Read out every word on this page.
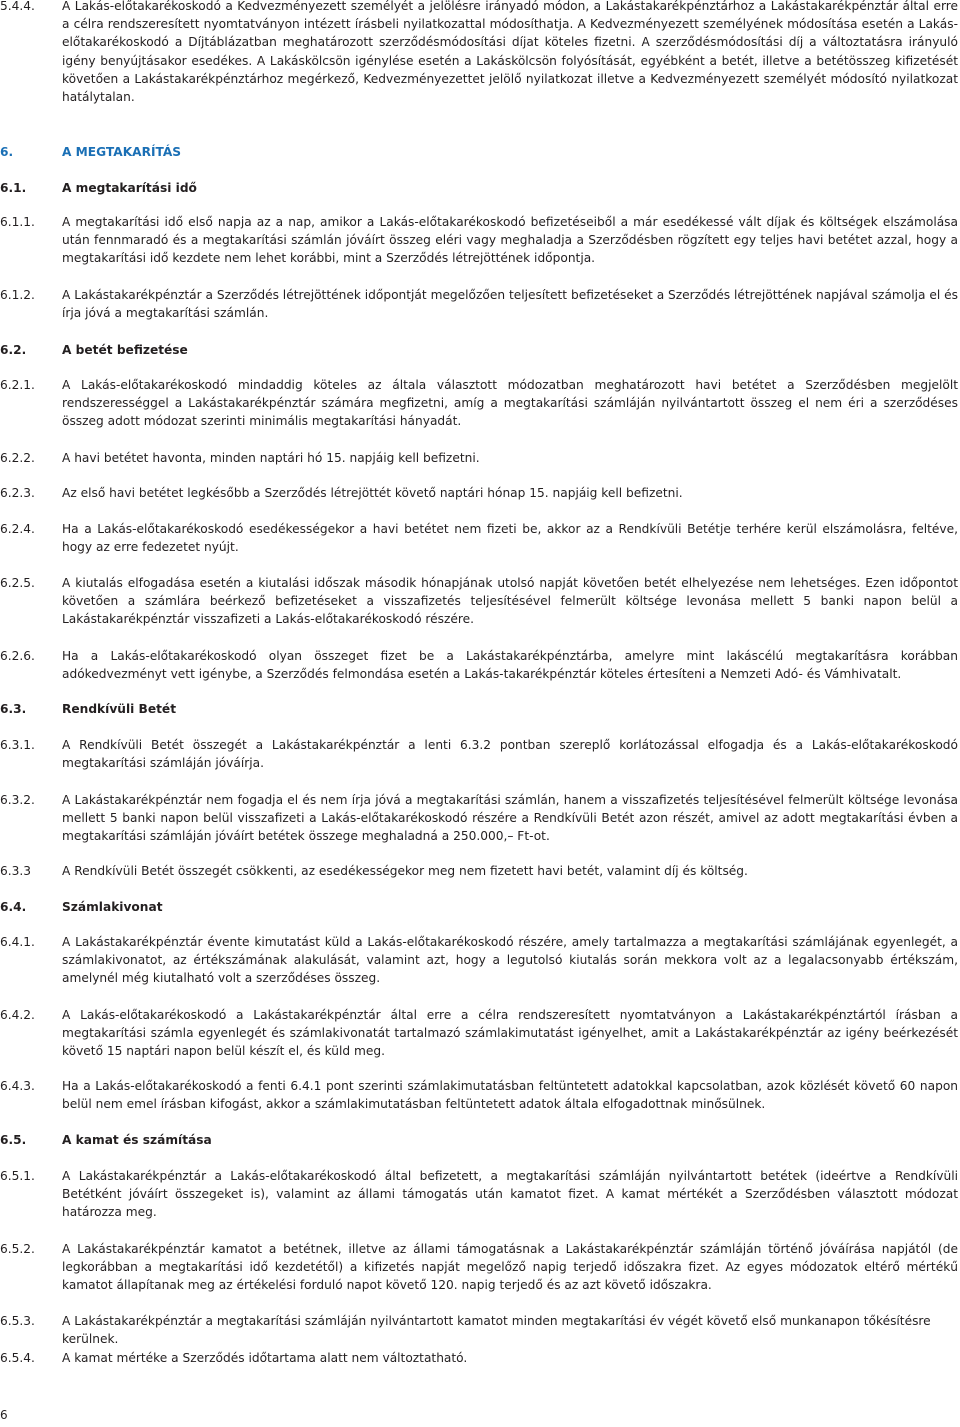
5.4.4.	A Lakás-előtakarékoskodó a Kedvezményezett személyét a jelölésre irányadó módon, a Lakástakarékpénztárhoz a Lakástakarékpénztár által erre a célra rendszeresített nyomtatványon intézett írásbeli nyilatkozattal módosíthatja. A Kedvezményezett személyének módosítása esetén a Lakás-előtakarékoskodó a Díjtáblázatban meghatározott szerződésmódosítási díjat köteles fizetni. A szerződésmódosítási díj a változtatásra irányuló igény benyújtásakor esedékes. A Lakáskölcsön igénylése esetén a Lakáskölcsön folyósítását, egyébként a betét, illetve a betétösszeg kifizetését követően a Lakástakarékpénztárhoz megérkező, Kedvezményezettet jelölő nyilatkozat illetve a Kedvezményezett személyét módosító nyilatkozat hatálytalan.
6.	A MEGTAKARÍTÁS
6.1.	A megtakarítási idő
6.1.1.	A megtakarítási idő első napja az a nap, amikor a Lakás-előtakarékoskodó befizetéseiből a már esedékessé vált díjak és költségek elszámolása után fennmaradó és a megtakarítási számlán jóváírt összeg eléri vagy meghaladja a Szerződésben rögzített egy teljes havi betétet azzal, hogy a megtakarítási idő kezdete nem lehet korábbi, mint a Szerződés létrejöttének időpontja.
6.1.2.	A Lakástakarékpénztár a Szerződés létrejöttének időpontját megelőzően teljesített befizetéseket a Szerződés létrejöttének napjával számolja el és írja jóvá a megtakarítási számlán.
6.2.	A betét befizetése
6.2.1.	A Lakás-előtakarékoskodó mindaddig köteles az általa választott módozatban meghatározott havi betétet a Szerződésben megjelölt rendszerességgel a Lakástakarékpénztár számára megfizetni, amíg a megtakarítási számláján nyilvántartott összeg el nem éri a szerződéses összeg adott módozat szerinti minimális megtakarítási hányadát.
6.2.2.	A havi betétet havonta, minden naptári hó 15. napjáig kell befizetni.
6.2.3.	Az első havi betétet legkésőbb a Szerződés létrejöttét követő naptári hónap 15. napjáig kell befizetni.
6.2.4.	Ha a Lakás-előtakarékoskodó esedékességekor a havi betétet nem fizeti be, akkor az a Rendkívüli Betétje terhére kerül elszámolásra, feltéve, hogy az erre fedezetet nyújt.
6.2.5.	A kiutalás elfogadása esetén a kiutalási időszak második hónapjának utolsó napját követően betét elhelyezése nem lehetséges. Ezen időpontot követően a számlára beérkező befizetéseket a visszafizetés teljesítésével felmerült költsége levonása mellett 5 banki napon belül a Lakástakarékpénztár visszafizeti a Lakás-előtakarékoskodó részére.
6.2.6.	Ha a Lakás-előtakarékoskodó olyan összeget fizet be a Lakástakarékpénztárba, amelyre mint lakáscélú megtakarításra korábban adókedvezményt vett igénybe, a Szerződés felmondása esetén a Lakás-takarékpénztár köteles értesíteni a Nemzeti Adó- és Vámhivatalt.
6.3.	Rendkívüli Betét
6.3.1.	A Rendkívüli Betét összegét a Lakástakarékpénztár a lenti 6.3.2 pontban szereplő korlátozással elfogadja és a Lakás-előtakarékoskodó megtakarítási számláján jóváírja.
6.3.2.	A Lakástakarékpénztár nem fogadja el és nem írja jóvá a megtakarítási számlán, hanem a visszafizetés teljesítésével felmerült költsége levonása mellett 5 banki napon belül visszafizeti a Lakás-előtakarékoskodó részére a Rendkívüli Betét azon részét, amivel az adott megtakarítási évben a megtakarítási számláján jóváírt betétek összege meghaladná a 250.000,– Ft-ot.
6.3.3	A Rendkívüli Betét összegét csökkenti, az esedékességekor meg nem fizetett havi betét, valamint díj és költség.
6.4.	Számlakivonat
6.4.1.	A Lakástakarékpénztár évente kimutatást küld a Lakás-előtakarékoskodó részére, amely tartalmazza a megtakarítási számlájának egyenlegét, a számlakivonatot, az értékszámának alakulását, valamint azt, hogy a legutolsó kiutalás során mekkora volt az a legalacsonyabb értékszám, amelynél még kiutalható volt a szerződéses összeg.
6.4.2.	A Lakás-előtakarékoskodó a Lakástakarékpénztár által erre a célra rendszeresített nyomtatványon a Lakástakarékpénztártól írásban a megtakarítási számla egyenlegét és számlakivonatát tartalmazó számlakimutatást igényelhet, amit a Lakástakarékpénztár az igény beérkezését követő 15 naptári napon belül készít el, és küld meg.
6.4.3.	Ha a Lakás-előtakarékoskodó a fenti 6.4.1 pont szerinti számlakimutatásban feltüntetett adatokkal kapcsolatban, azok közlését követő 60 napon belül nem emel írásban kifogást, akkor a számlakimutatásban feltüntetett adatok általa elfogadottnak minősülnek.
6.5.	A kamat és számítása
6.5.1.	A Lakástakarékpénztár a Lakás-előtakarékoskodó által befizetett, a megtakarítási számláján nyilvántartott betétek (ideértve a Rendkívüli Betétként jóváírt összegeket is), valamint az állami támogatás után kamatot fizet. A kamat mértékét a Szerződésben választott módozat határozza meg.
6.5.2.	A Lakástakarékpénztár kamatot a betétnek, illetve az állami támogatásnak a Lakástakarékpénztár számláján történő jóváírása napjától (de legkorábban a megtakarítási idő kezdetétől) a kifizetés napját megelőző napig terjedő időszakra fizet. Az egyes módozatok eltérő mértékű kamatot állapítanak meg az értékelési forduló napot követő 120. napig terjedő és az azt követő időszakra.
6.5.3.	A Lakástakarékpénztár a megtakarítási számláján nyilvántartott kamatot minden megtakarítási év végét követő első munkanapon tőkésítésre kerülnek.
6.5.4.	A kamat mértéke a Szerződés időtartama alatt nem változtatható.
6
